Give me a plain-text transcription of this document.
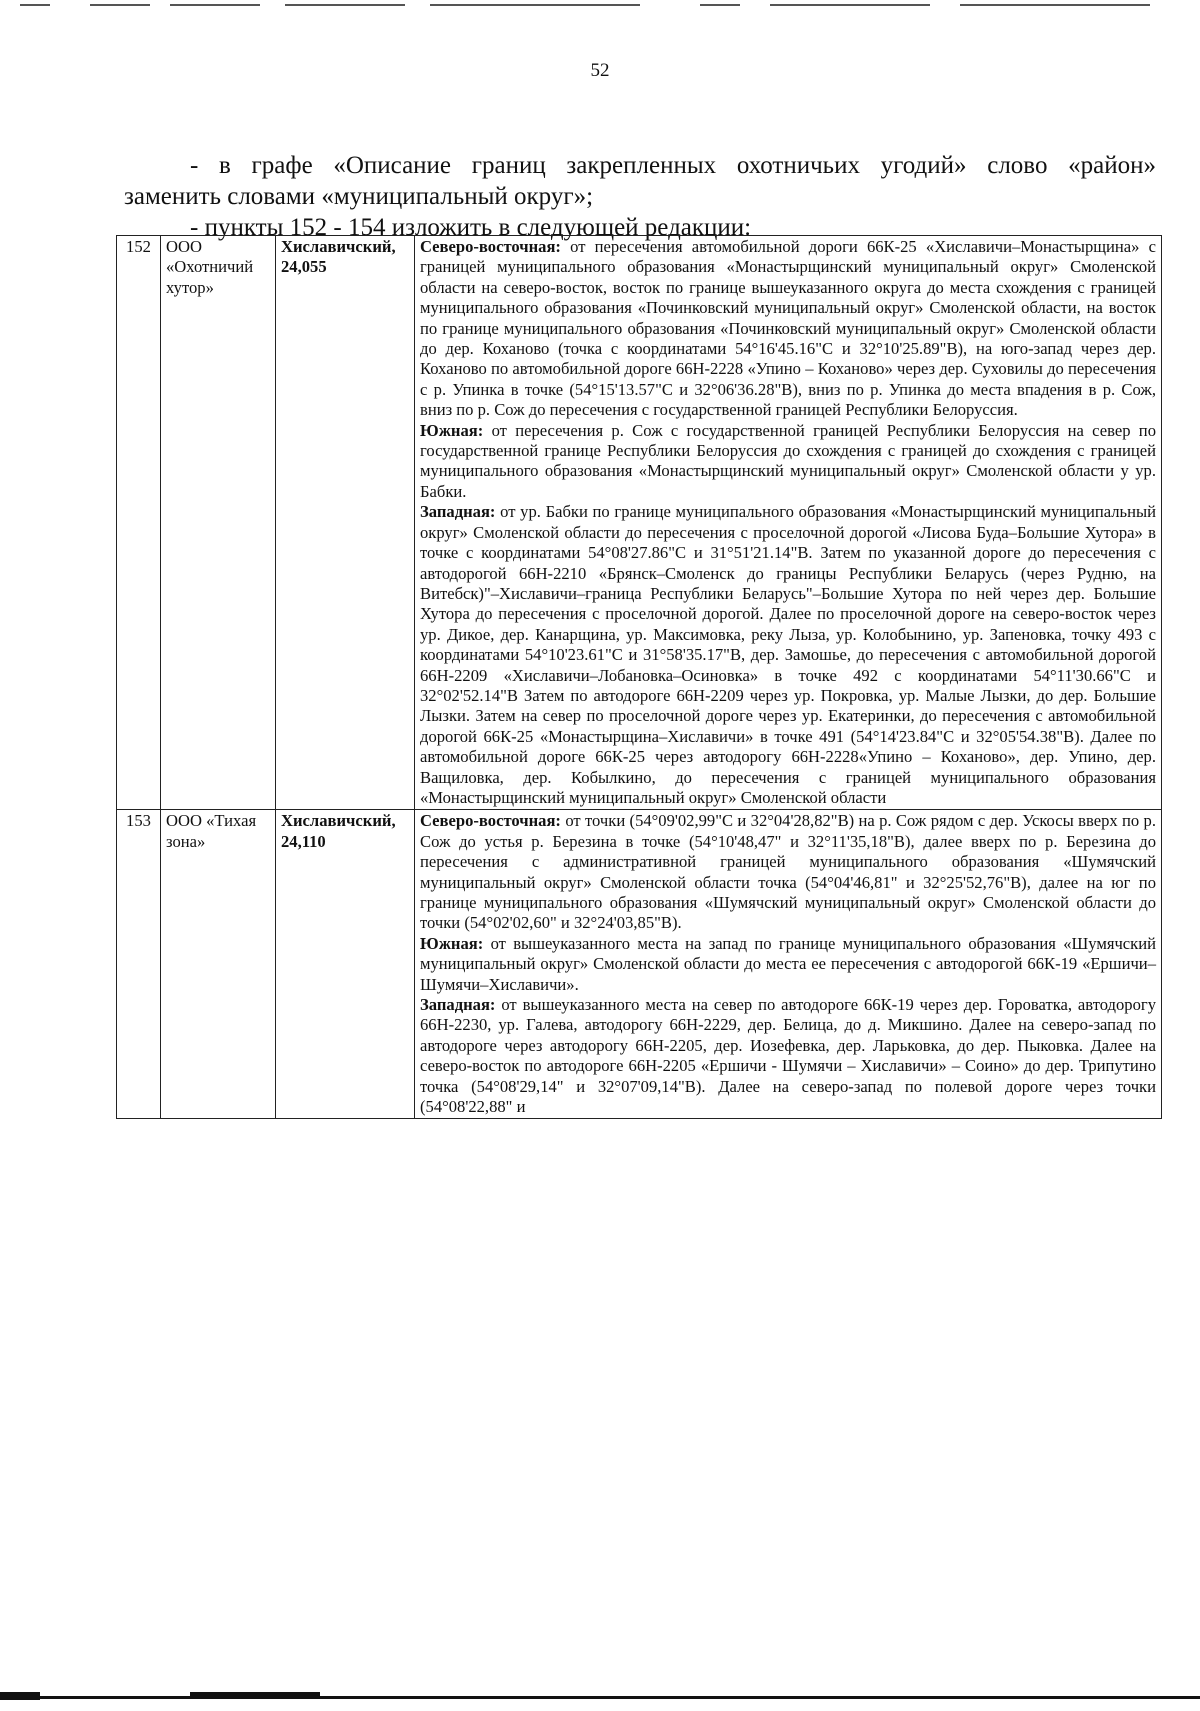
52

- в графе «Описание границ закрепленных охотничьих угодий» слово «район»

заменить словами «муниципальный округ»;

- пункты 152 - 154 изложить в следующей редакции:

152	ООО «Охотничий хутор»	Хиславичский, 24,055	Северо-восточная: от пересечения автомобильной дороги 66К-25 «Хиславичи–Монастырщина» с границей муниципального образования «Монастырщинский муниципальный округ» Смоленской области на северо-восток, восток по границе вышеуказанного округа до места схождения с границей муниципального образования «Починковский муниципальный округ» Смоленской области, на восток по границе муниципального образования «Починковский муниципальный округ» Смоленской области до дер. Коханово (точка с координатами 54°16'45.16"С и 32°10'25.89"В), на юго-запад через дер. Коханово по автомобильной дороге 66Н-2228 «Упино – Коханово» через дер. Суховилы до пересечения с р. Упинка в точке (54°15'13.57"С и 32°06'36.28"В), вниз по р. Упинка до места впадения в р. Сож, вниз по р. Сож до пересечения с государственной границей Республики Белоруссия.

Южная: от пересечения р. Сож с государственной границей Республики Белоруссия на север по государственной границе Республики Белоруссия до схождения с границей до схождения с границей муниципального образования «Монастырщинский муниципальный округ» Смоленской области у ур. Бабки.

Западная: от ур. Бабки по границе муниципального образования «Монастырщинский муниципальный округ» Смоленской области до пересечения с проселочной дорогой «Лисова Буда–Большие Хутора» в точке с координатами 54°08'27.86"С и 31°51'21.14"В. Затем по указанной дороге до пересечения с автодорогой 66Н-2210 «Брянск–Смоленск до границы Республики Беларусь (через Рудню, на Витебск)"–Хиславичи–граница Республики Беларусь"–Большие Хутора по ней через дер. Большие Хутора до пересечения с проселочной дорогой. Далее по проселочной дороге на северо-восток через ур. Дикое, дер. Канарщина, ур. Максимовка, реку Лыза, ур. Колобынино, ур. Запеновка, точку 493 с координатами 54°10'23.61"С и 31°58'35.17"В, дер. Замошье, до пересечения с автомобильной дорогой 66Н-2209 «Хиславичи–Лобановка–Осиновка» в точке 492 с координатами 54°11'30.66"С и 32°02'52.14"В Затем по автодороге 66Н-2209 через ур. Покровка, ур. Малые Лызки, до дер. Большие Лызки. Затем на север по проселочной дороге через ур. Екатеринки, до пересечения с автомобильной дорогой 66К-25 «Монастырщина–Хиславичи» в точке 491 (54°14'23.84"С и 32°05'54.38"В). Далее по автомобильной дороге 66К-25 через автодорогу 66Н-2228«Упино – Коханово», дер. Упино, дер. Ващиловка, дер. Кобылкино, до пересечения с границей муниципального образования «Монастырщинский муниципальный округ» Смоленской области

153	ООО «Тихая зона»	Хиславичский, 24,110	Северо-восточная: от точки (54°09'02,99"С и 32°04'28,82"В) на р. Сож рядом с дер. Ускосы вверх по р. Сож до устья р. Березина в точке (54°10'48,47" и 32°11'35,18"В), далее вверх по р. Березина до пересечения с административной границей муниципального образования «Шумячский муниципальный округ» Смоленской области точка (54°04'46,81" и 32°25'52,76"В), далее на юг по границе муниципального образования «Шумячский муниципальный округ» Смоленской области до точки (54°02'02,60" и 32°24'03,85"В).

Южная: от вышеуказанного места на запад по границе муниципального образования «Шумячский муниципальный округ» Смоленской области до места ее пересечения с автодорогой 66К-19 «Ершичи–Шумячи–Хиславичи».

Западная: от вышеуказанного места на север по автодороге 66К-19 через дер. Гороватка, автодорогу 66Н-2230, ур. Галева, автодорогу 66Н-2229, дер. Белица, до д. Микшино. Далее на северо-запад по автодороге через автодорогу 66Н-2205, дер. Иозефевка, дер. Ларьковка, до дер. Пыковка. Далее на северо-восток по автодороге 66Н-2205 «Ершичи - Шумячи – Хиславичи» – Соино» до дер. Трипутино точка (54°08'29,14" и 32°07'09,14"В). Далее на северо-запад по полевой дороге через точки (54°08'22,88" и
